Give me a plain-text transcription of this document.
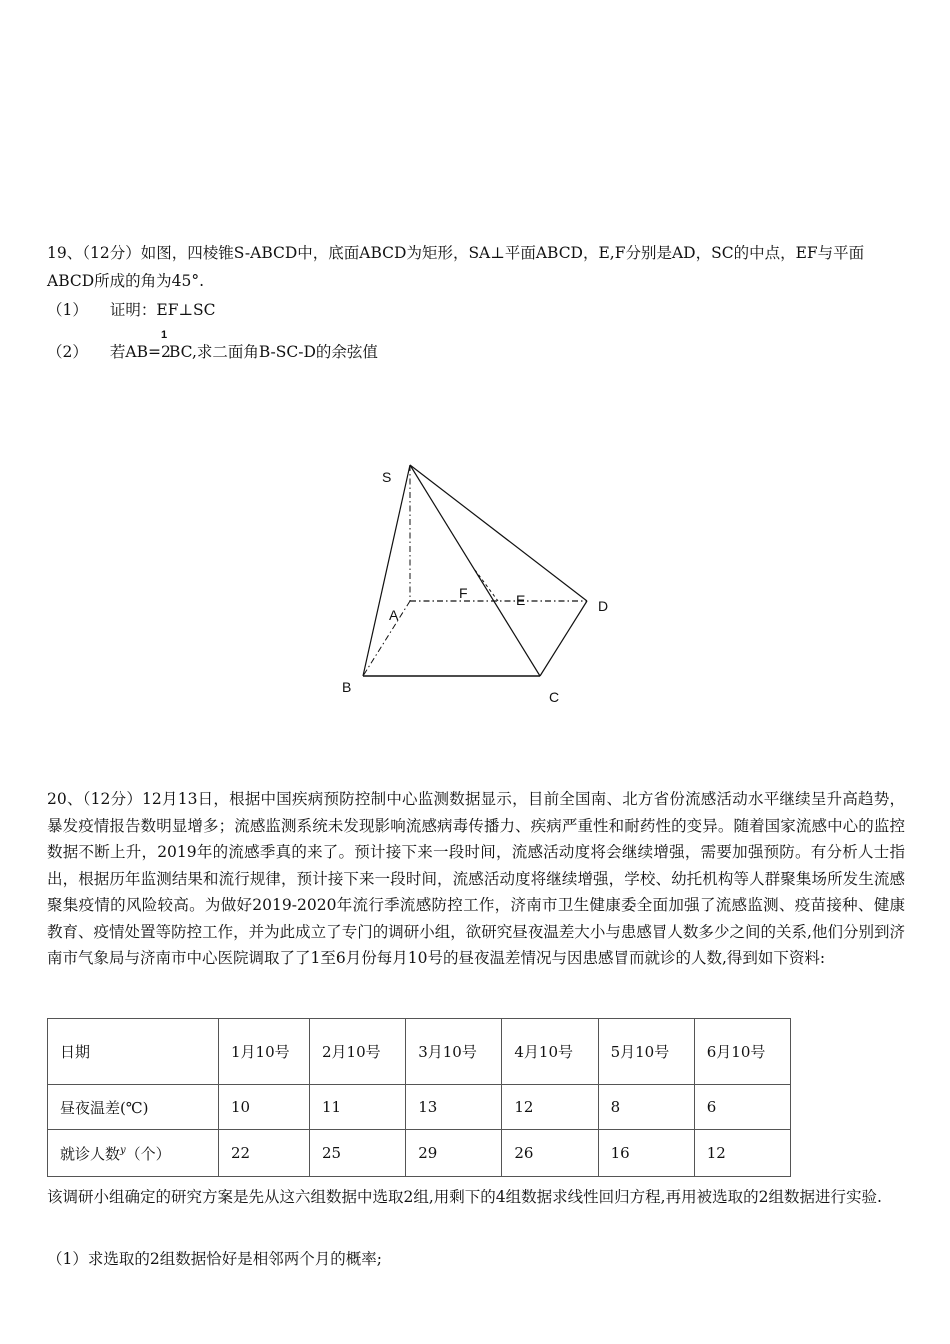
19、（12分）如图，四棱锥S-ABCD中，底面ABCD为矩形，SA⊥平面ABCD，E,F分别是AD，SC的中点，EF与平面
ABCD所成的角为45°.
（1） 证明：EF⊥SC
（2） 若AB=
1
2BC,求二面角B-SC-D的余弦值
S
F	E	D
A
B
C
20、（12分）12月13日，根据中国疾病预防控制中心监测数据显示，目前全国南、北方省份流感活动水平继续呈升高趋势，暴发疫情报告数明显增多；流感监测系统未发现影响流感病毒传播力、疾病严重性和耐药性的变异。随着国家流感中心的监控数据不断上升，2019年的流感季真的来了。预计接下来一段时间，流感活动度将会继续增强，需要加强预防。有分析人士指出，根据历年监测结果和流行规律，预计接下来一段时间，流感活动度将继续增强，学校、幼托机构等人群聚集场所发生流感聚集疫情的风险较高。为做好2019-2020年流行季流感防控工作，济南市卫生健康委全面加强了流感监测、疫苗接种、健康教育、疫情处置等防控工作，并为此成立了专门的调研小组，欲研究昼夜温差大小与患感冒人数多少之间的关系,他们分别到济南市气象局与济南市中心医院调取了了1至6月份每月10号的昼夜温差情况与因患感冒而就诊的人数,得到如下资料:
日期	1月10号	2月10号	3月10号	4月10号	5月10号	6月10号
昼夜温差(℃)	10	11	13	12	8	6
就诊人数$^y$（个）	22	25	29	26	16	12
该调研小组确定的研究方案是先从这六组数据中选取2组,用剩下的4组数据求线性回归方程,再用被选取的2组数据进行实验.
（1）求选取的2组数据恰好是相邻两个月的概率;
